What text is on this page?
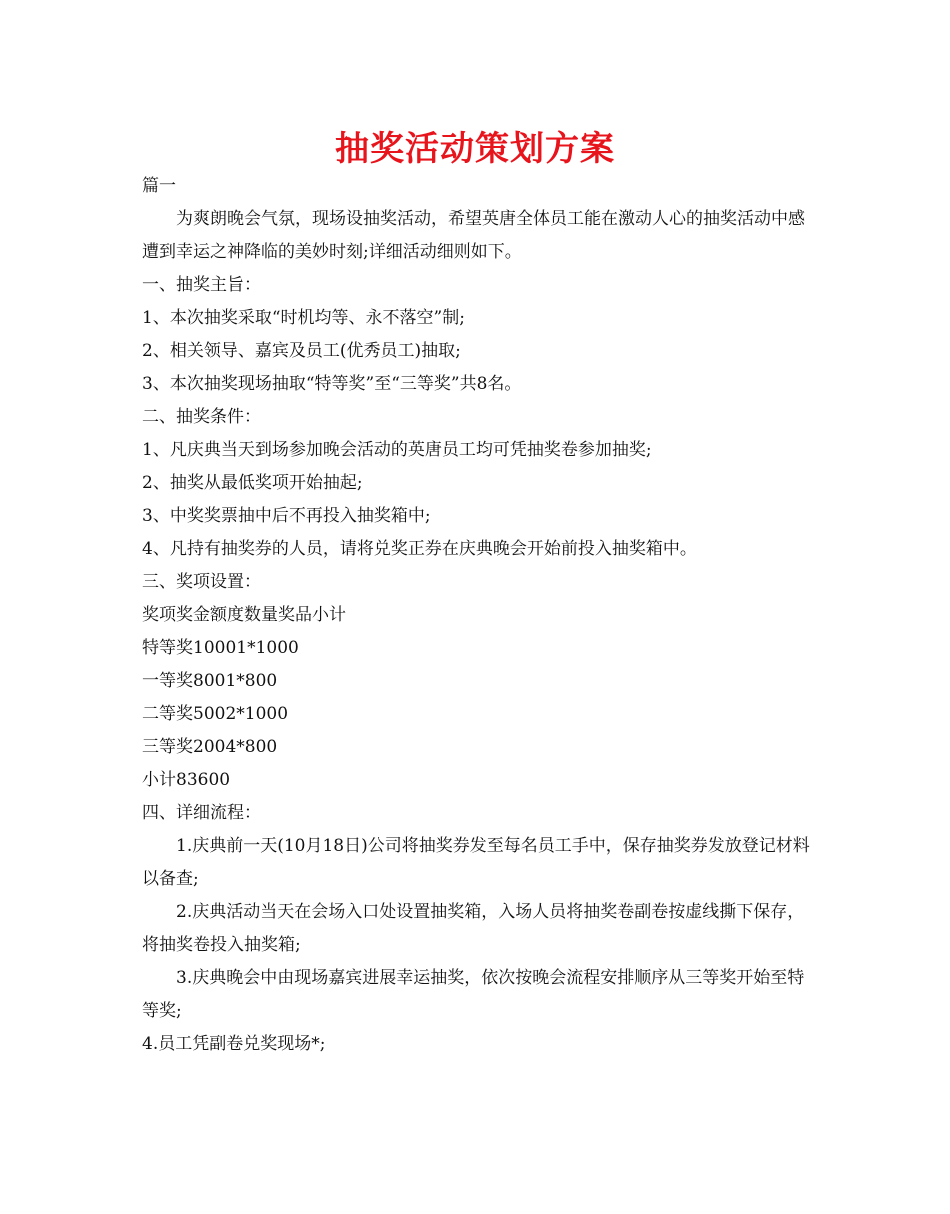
抽奖活动策划方案

篇一

为爽朗晚会气氛，现场设抽奖活动，希望英唐全体员工能在激动人心的抽奖活动中感遭到幸运之神降临的美妙时刻;详细活动细则如下。

一、抽奖主旨：

1、本次抽奖采取“时机均等、永不落空”制;

2、相关领导、嘉宾及员工(优秀员工)抽取;

3、本次抽奖现场抽取“特等奖”至“三等奖”共8名。

二、抽奖条件：

1、凡庆典当天到场参加晚会活动的英唐员工均可凭抽奖卷参加抽奖;

2、抽奖从最低奖项开始抽起;

3、中奖奖票抽中后不再投入抽奖箱中;

4、凡持有抽奖券的人员，请将兑奖正券在庆典晚会开始前投入抽奖箱中。

三、奖项设置：

奖项奖金额度数量奖品小计

特等奖10001*1000

一等奖8001*800

二等奖5002*1000

三等奖2004*800

小计83600

四、详细流程：

1.庆典前一天(10月18日)公司将抽奖券发至每名员工手中，保存抽奖券发放登记材料以备查;

2.庆典活动当天在会场入口处设置抽奖箱，入场人员将抽奖卷副卷按虚线撕下保存，将抽奖卷投入抽奖箱;

3.庆典晚会中由现场嘉宾进展幸运抽奖，依次按晚会流程安排顺序从三等奖开始至特等奖;

4.员工凭副卷兑奖现场*;
